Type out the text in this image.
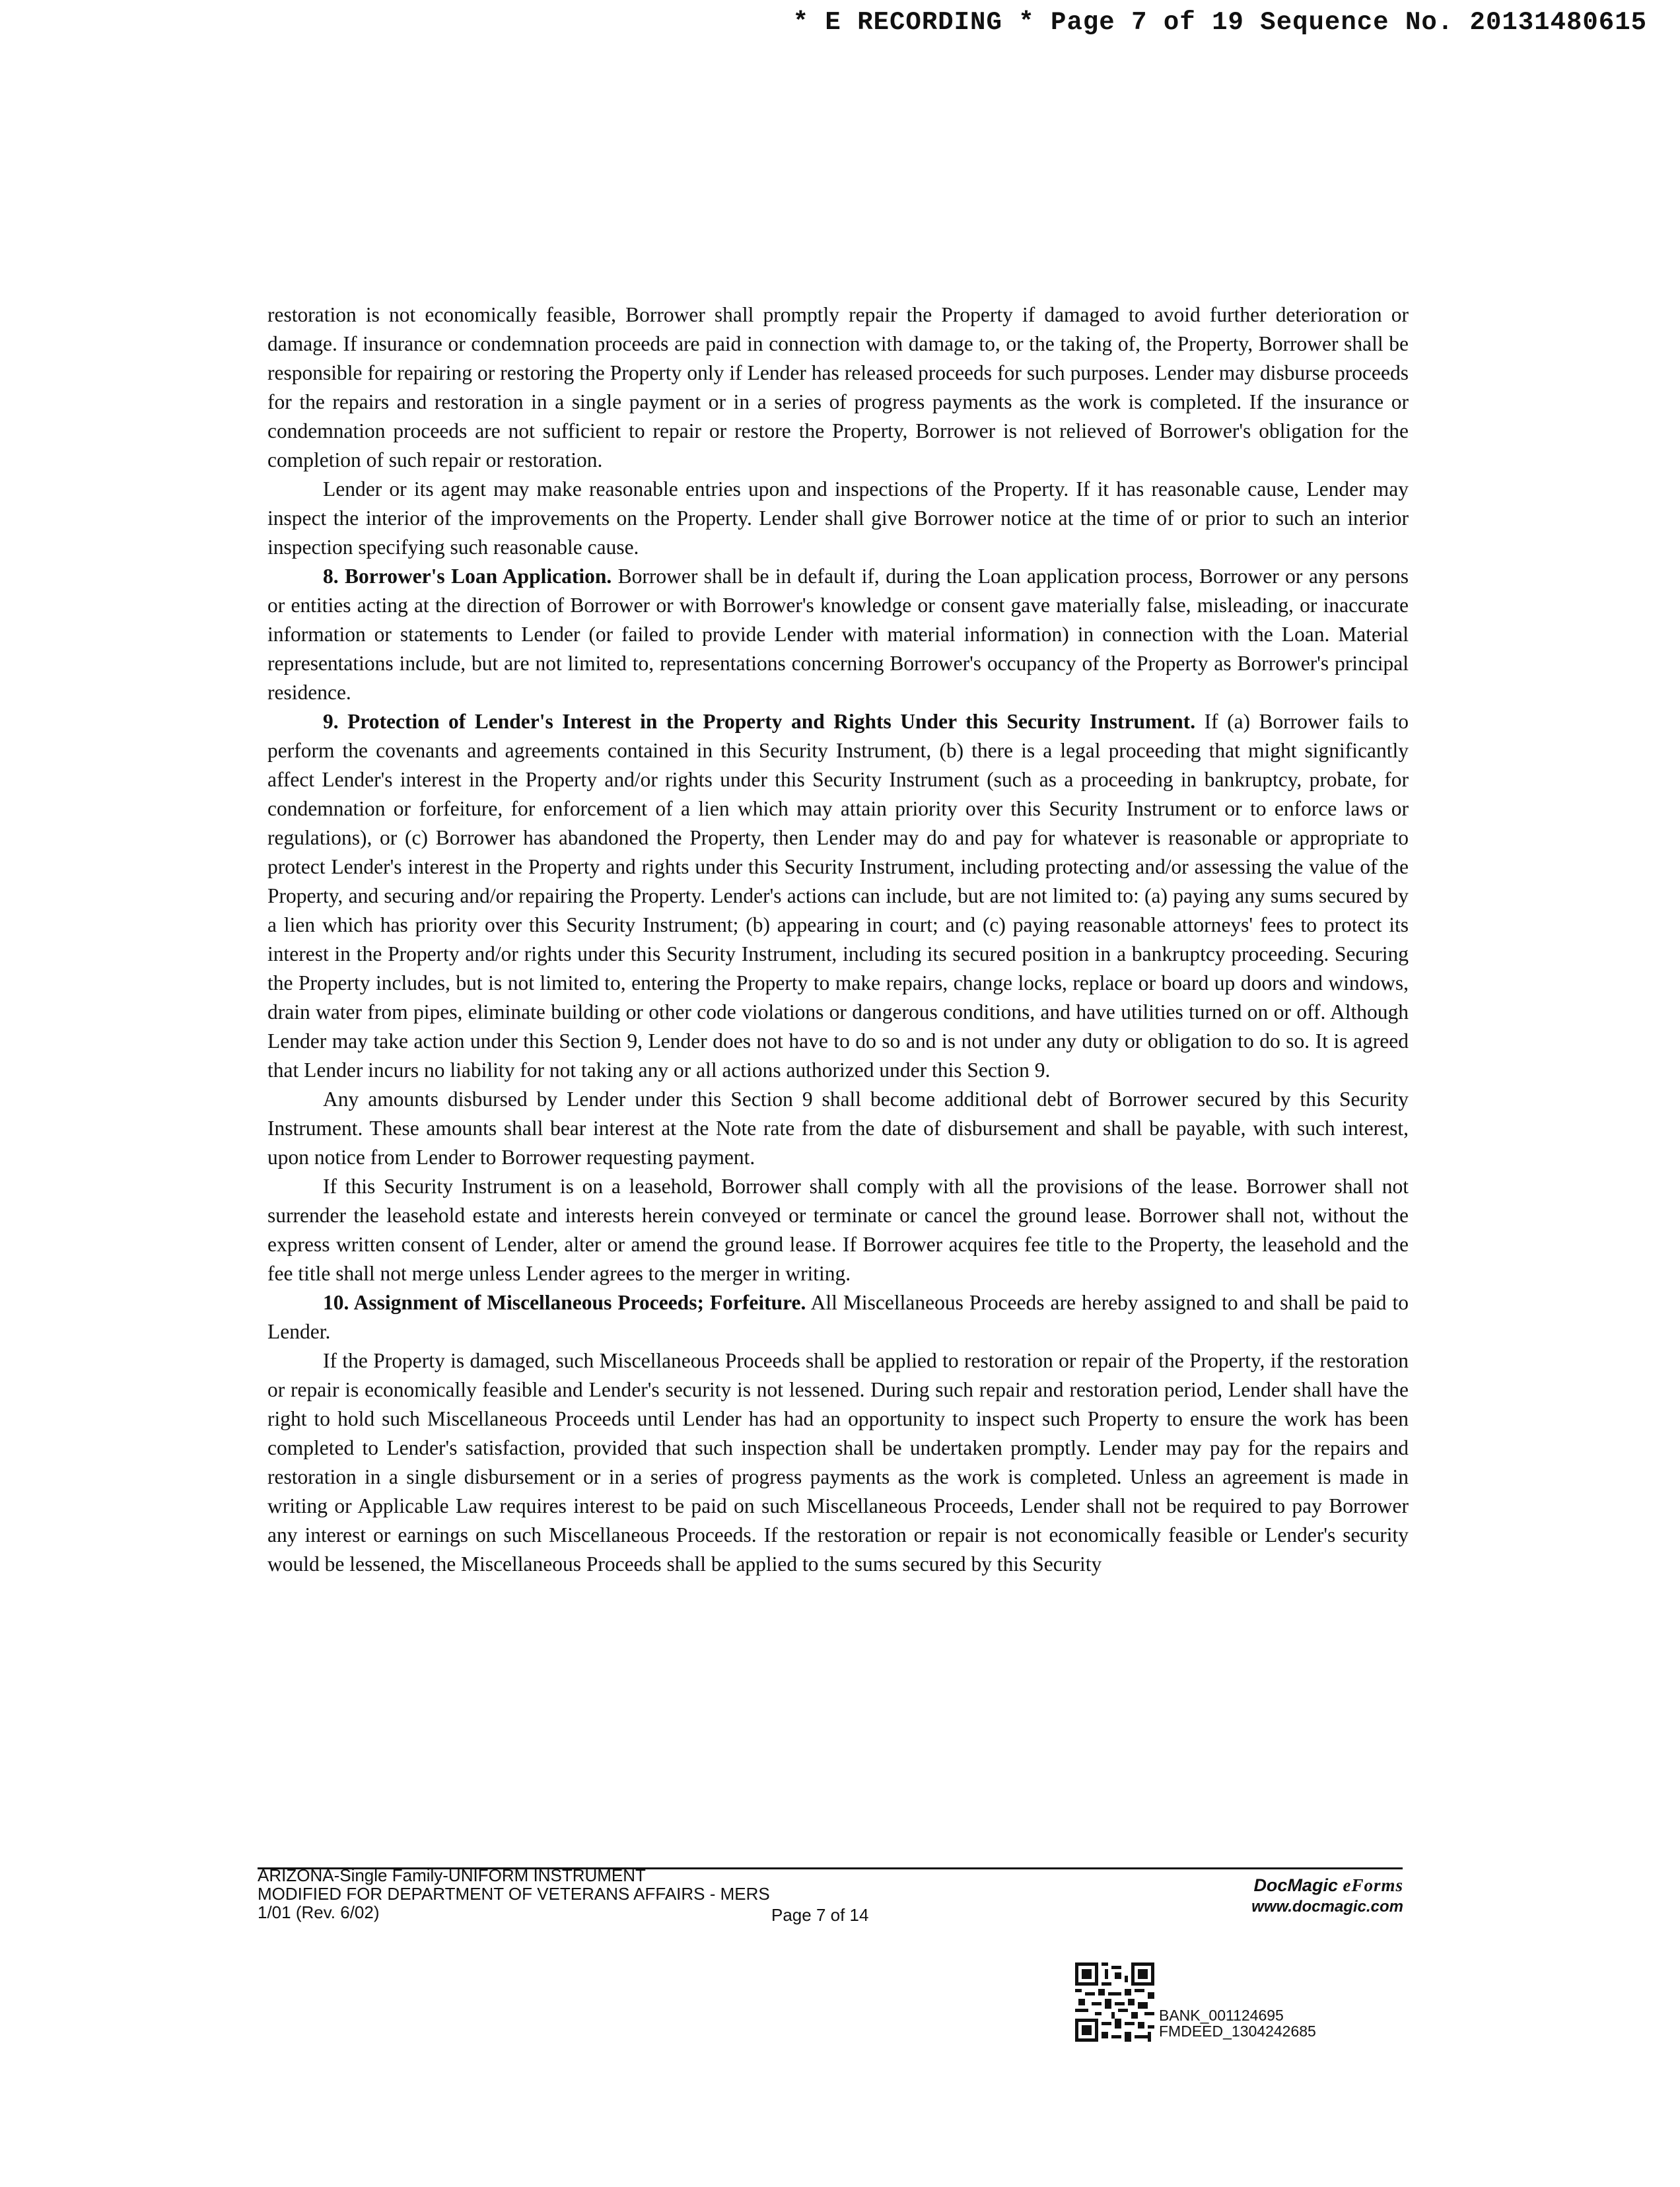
* E RECORDING * Page 7 of 19 Sequence No. 20131480615

restoration is not economically feasible, Borrower shall promptly repair the Property if damaged to avoid further deterioration or damage. If insurance or condemnation proceeds are paid in connection with damage to, or the taking of, the Property, Borrower shall be responsible for repairing or restoring the Property only if Lender has released proceeds for such purposes. Lender may disburse proceeds for the repairs and restoration in a single payment or in a series of progress payments as the work is completed. If the insurance or condemnation proceeds are not sufficient to repair or restore the Property, Borrower is not relieved of Borrower's obligation for the completion of such repair or restoration.

Lender or its agent may make reasonable entries upon and inspections of the Property. If it has reasonable cause, Lender may inspect the interior of the improvements on the Property. Lender shall give Borrower notice at the time of or prior to such an interior inspection specifying such reasonable cause.

8. Borrower's Loan Application. Borrower shall be in default if, during the Loan application process, Borrower or any persons or entities acting at the direction of Borrower or with Borrower's knowledge or consent gave materially false, misleading, or inaccurate information or statements to Lender (or failed to provide Lender with material information) in connection with the Loan. Material representations include, but are not limited to, representations concerning Borrower's occupancy of the Property as Borrower's principal residence.

9. Protection of Lender's Interest in the Property and Rights Under this Security Instrument. If (a) Borrower fails to perform the covenants and agreements contained in this Security Instrument, (b) there is a legal proceeding that might significantly affect Lender's interest in the Property and/or rights under this Security Instrument (such as a proceeding in bankruptcy, probate, for condemnation or forfeiture, for enforcement of a lien which may attain priority over this Security Instrument or to enforce laws or regulations), or (c) Borrower has abandoned the Property, then Lender may do and pay for whatever is reasonable or appropriate to protect Lender's interest in the Property and rights under this Security Instrument, including protecting and/or assessing the value of the Property, and securing and/or repairing the Property. Lender's actions can include, but are not limited to: (a) paying any sums secured by a lien which has priority over this Security Instrument; (b) appearing in court; and (c) paying reasonable attorneys' fees to protect its interest in the Property and/or rights under this Security Instrument, including its secured position in a bankruptcy proceeding. Securing the Property includes, but is not limited to, entering the Property to make repairs, change locks, replace or board up doors and windows, drain water from pipes, eliminate building or other code violations or dangerous conditions, and have utilities turned on or off. Although Lender may take action under this Section 9, Lender does not have to do so and is not under any duty or obligation to do so. It is agreed that Lender incurs no liability for not taking any or all actions authorized under this Section 9.

Any amounts disbursed by Lender under this Section 9 shall become additional debt of Borrower secured by this Security Instrument. These amounts shall bear interest at the Note rate from the date of disbursement and shall be payable, with such interest, upon notice from Lender to Borrower requesting payment.

If this Security Instrument is on a leasehold, Borrower shall comply with all the provisions of the lease. Borrower shall not surrender the leasehold estate and interests herein conveyed or terminate or cancel the ground lease. Borrower shall not, without the express written consent of Lender, alter or amend the ground lease. If Borrower acquires fee title to the Property, the leasehold and the fee title shall not merge unless Lender agrees to the merger in writing.

10. Assignment of Miscellaneous Proceeds; Forfeiture. All Miscellaneous Proceeds are hereby assigned to and shall be paid to Lender.

If the Property is damaged, such Miscellaneous Proceeds shall be applied to restoration or repair of the Property, if the restoration or repair is economically feasible and Lender's security is not lessened. During such repair and restoration period, Lender shall have the right to hold such Miscellaneous Proceeds until Lender has had an opportunity to inspect such Property to ensure the work has been completed to Lender's satisfaction, provided that such inspection shall be undertaken promptly. Lender may pay for the repairs and restoration in a single disbursement or in a series of progress payments as the work is completed. Unless an agreement is made in writing or Applicable Law requires interest to be paid on such Miscellaneous Proceeds, Lender shall not be required to pay Borrower any interest or earnings on such Miscellaneous Proceeds. If the restoration or repair is not economically feasible or Lender's security would be lessened, the Miscellaneous Proceeds shall be applied to the sums secured by this Security

ARIZONA-Single Family-UNIFORM INSTRUMENT
MODIFIED FOR DEPARTMENT OF VETERANS AFFAIRS - MERS
1/01 (Rev. 6/02)	Page 7 of 14
DocMagic eForms
www.docmagic.com
BANK_001124695
FMDEED_1304242685
